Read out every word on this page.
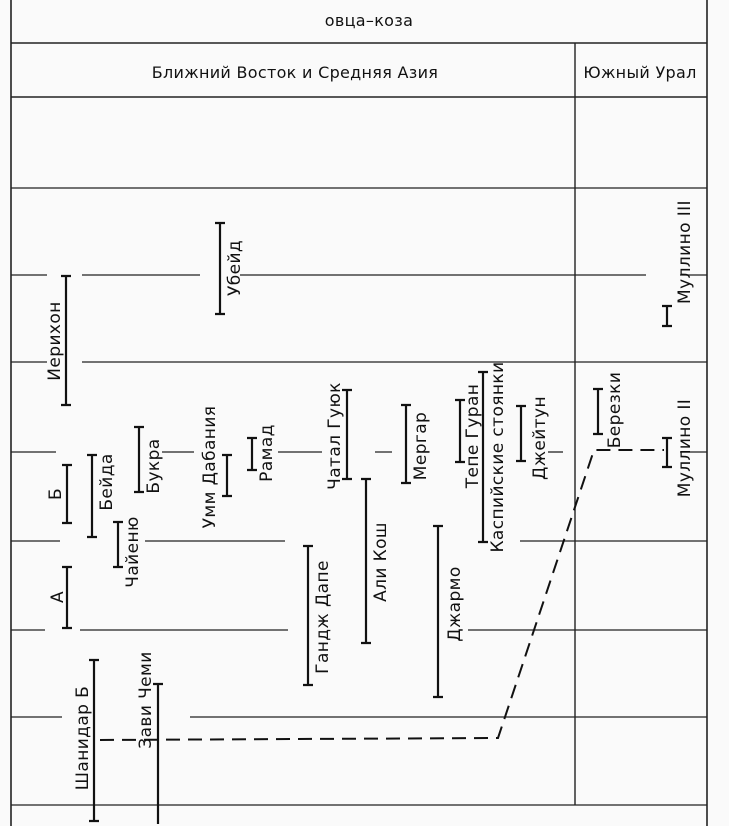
овца–коза
Ближний Восток и Средняя Азия	Южный Урал
Иерихон
Убейд
Б
А
Бейда Букра
Чайеню
Умм Дабания Рамад	Чатал Гуюк	Мергар Тепе Гуран Каспийские стоянки Джейтун
Гандж Дапе Али Кош
Джармо
Шанидар Б	Зави Чеми
Березки	Муллино II
Муллино III
